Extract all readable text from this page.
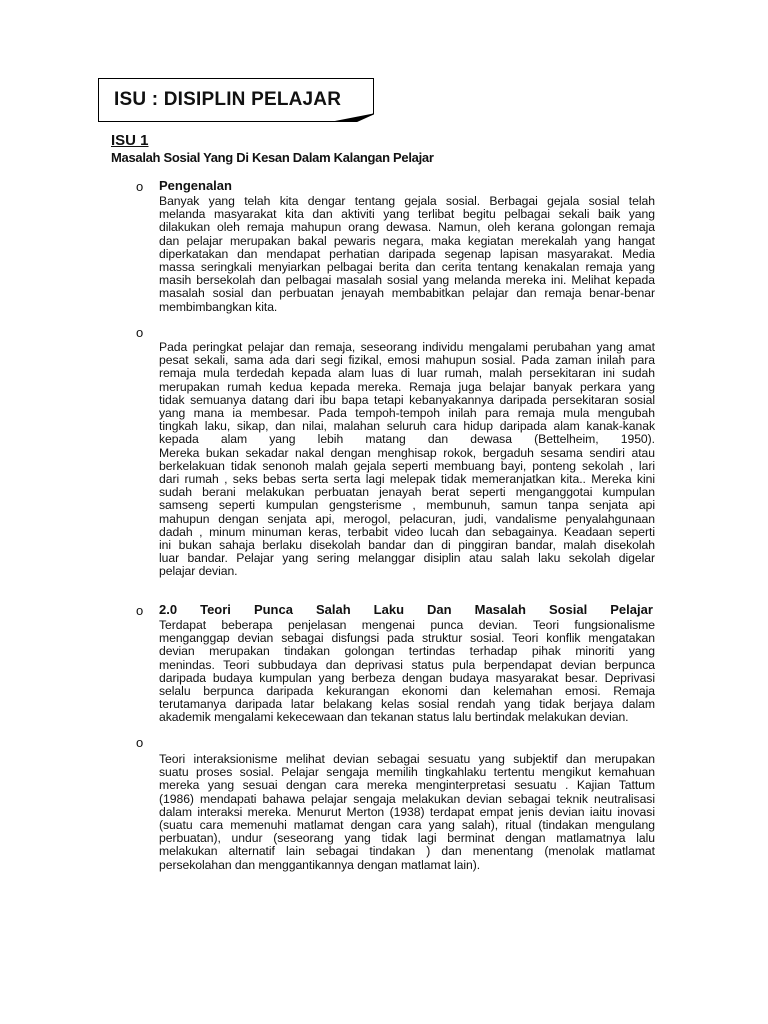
ISU : DISIPLIN PELAJAR
ISU 1
Masalah Sosial Yang Di Kesan Dalam Kalangan Pelajar
o Pengenalan
Banyak yang telah kita dengar tentang gejala sosial. Berbagai gejala sosial telah
melanda masyarakat kita dan aktiviti yang terlibat begitu pelbagai sekali baik yang
dilakukan oleh remaja mahupun orang dewasa. Namun, oleh kerana golongan remaja
dan pelajar merupakan bakal pewaris negara, maka kegiatan merekalah yang hangat
diperkatakan dan mendapat perhatian daripada segenap lapisan masyarakat. Media
massa seringkali menyiarkan pelbagai berita dan cerita tentang kenakalan remaja yang
masih bersekolah dan pelbagai masalah sosial yang melanda mereka ini. Melihat kepada
masalah sosial dan perbuatan jenayah membabitkan pelajar dan remaja benar-benar
membimbangkan kita.
o
Pada peringkat pelajar dan remaja, seseorang individu mengalami perubahan yang amat
pesat sekali, sama ada dari segi fizikal, emosi mahupun sosial. Pada zaman inilah para
remaja mula terdedah kepada alam luas di luar rumah, malah persekitaran ini sudah
merupakan rumah kedua kepada mereka. Remaja juga belajar banyak perkara yang
tidak semuanya datang dari ibu bapa tetapi kebanyakannya daripada persekitaran sosial
yang mana ia membesar. Pada tempoh-tempoh inilah para remaja mula mengubah
tingkah laku, sikap, dan nilai, malahan seluruh cara hidup daripada alam kanak-kanak
kepada alam yang lebih matang dan dewasa (Bettelheim, 1950).
Mereka bukan sekadar nakal dengan menghisap rokok, bergaduh sesama sendiri atau
berkelakuan tidak senonoh malah gejala seperti membuang bayi, ponteng sekolah , lari
dari rumah , seks bebas serta serta lagi melepak tidak memeranjatkan kita.. Mereka kini
sudah berani melakukan perbuatan jenayah berat seperti menganggotai kumpulan
samseng seperti kumpulan gengsterisme , membunuh, samun tanpa senjata api
mahupun dengan senjata api, merogol, pelacuran, judi, vandalisme penyalahgunaan
dadah , minum minuman keras, terbabit video lucah dan sebagainya. Keadaan seperti
ini bukan sahaja berlaku disekolah bandar dan di pinggiran bandar, malah disekolah
luar bandar. Pelajar yang sering melanggar disiplin atau salah laku sekolah digelar
pelajar devian.
o 2.0 Teori Punca Salah Laku Dan Masalah Sosial Pelajar
Terdapat beberapa penjelasan mengenai punca devian. Teori fungsionalisme
menganggap devian sebagai disfungsi pada struktur sosial. Teori konflik mengatakan
devian merupakan tindakan golongan tertindas terhadap pihak minoriti yang
menindas. Teori subbudaya dan deprivasi status pula berpendapat devian berpunca
daripada budaya kumpulan yang berbeza dengan budaya masyarakat besar. Deprivasi
selalu berpunca daripada kekurangan ekonomi dan kelemahan emosi. Remaja
terutamanya daripada latar belakang kelas sosial rendah yang tidak berjaya dalam
akademik mengalami kekecewaan dan tekanan status lalu bertindak melakukan devian.
o
Teori interaksionisme melihat devian sebagai sesuatu yang subjektif dan merupakan
suatu proses sosial. Pelajar sengaja memilih tingkahlaku tertentu mengikut kemahuan
mereka yang sesuai dengan cara mereka menginterpretasi sesuatu . Kajian Tattum
(1986) mendapati bahawa pelajar sengaja melakukan devian sebagai teknik neutralisasi
dalam interaksi mereka. Menurut Merton (1938) terdapat empat jenis devian iaitu inovasi
(suatu cara memenuhi matlamat dengan cara yang salah), ritual (tindakan mengulang
perbuatan), undur (seseorang yang tidak lagi berminat dengan matlamatnya lalu
melakukan alternatif lain sebagai tindakan ) dan menentang (menolak matlamat
persekolahan dan menggantikannya dengan matlamat lain).
